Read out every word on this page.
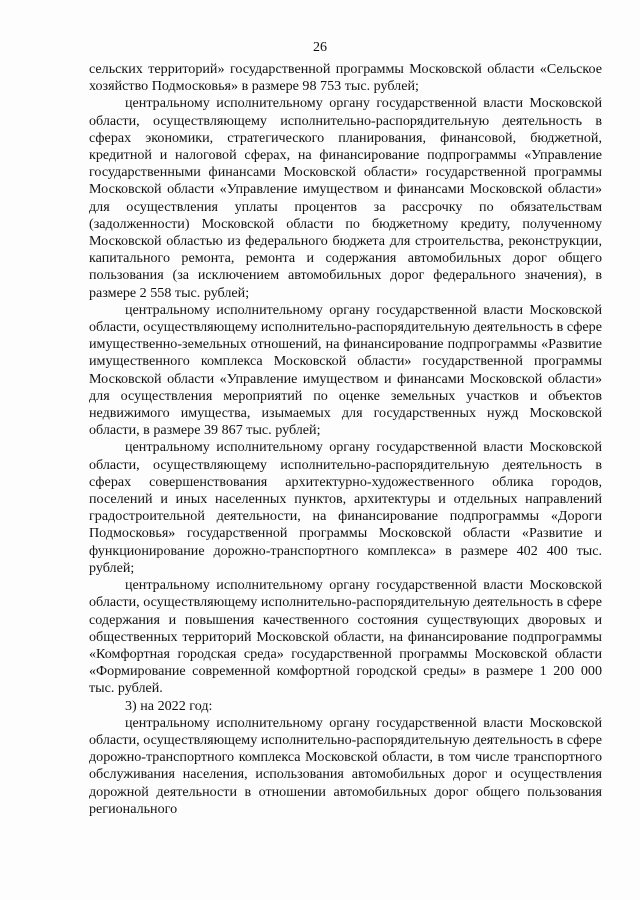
26

сельских территорий» государственной программы Московской области «Сельское хозяйство Подмосковья» в размере 98 753 тыс. рублей;

центральному исполнительному органу государственной власти Московской области, осуществляющему исполнительно-распорядительную деятельность в сферах экономики, стратегического планирования, финансовой, бюджетной, кредитной и налоговой сферах, на финансирование подпрограммы «Управление государственными финансами Московской области» государственной программы Московской области «Управление имуществом и финансами Московской области» для осуществления уплаты процентов за рассрочку по обязательствам (задолженности) Московской области по бюджетному кредиту, полученному Московской областью из федерального бюджета для строительства, реконструкции, капитального ремонта, ремонта и содержания автомобильных дорог общего пользования (за исключением автомобильных дорог федерального значения), в размере 2 558 тыс. рублей;

центральному исполнительному органу государственной власти Московской области, осуществляющему исполнительно-распорядительную деятельность в сфере имущественно-земельных отношений, на финансирование подпрограммы «Развитие имущественного комплекса Московской области» государственной программы Московской области «Управление имуществом и финансами Московской области» для осуществления мероприятий по оценке земельных участков и объектов недвижимого имущества, изымаемых для государственных нужд Московской области, в размере 39 867 тыс. рублей;

центральному исполнительному органу государственной власти Московской области, осуществляющему исполнительно-распорядительную деятельность в сферах совершенствования архитектурно-художественного облика городов, поселений и иных населенных пунктов, архитектуры и отдельных направлений градостроительной деятельности, на финансирование подпрограммы «Дороги Подмосковья» государственной программы Московской области «Развитие и функционирование дорожно-транспортного комплекса» в размере 402 400 тыс. рублей;

центральному исполнительному органу государственной власти Московской области, осуществляющему исполнительно-распорядительную деятельность в сфере содержания и повышения качественного состояния существующих дворовых и общественных территорий Московской области, на финансирование подпрограммы «Комфортная городская среда» государственной программы Московской области «Формирование современной комфортной городской среды» в размере 1 200 000 тыс. рублей.

3) на 2022 год:

центральному исполнительному органу государственной власти Московской области, осуществляющему исполнительно-распорядительную деятельность в сфере дорожно-транспортного комплекса Московской области, в том числе транспортного обслуживания населения, использования автомобильных дорог и осуществления дорожной деятельности в отношении автомобильных дорог общего пользования регионального
